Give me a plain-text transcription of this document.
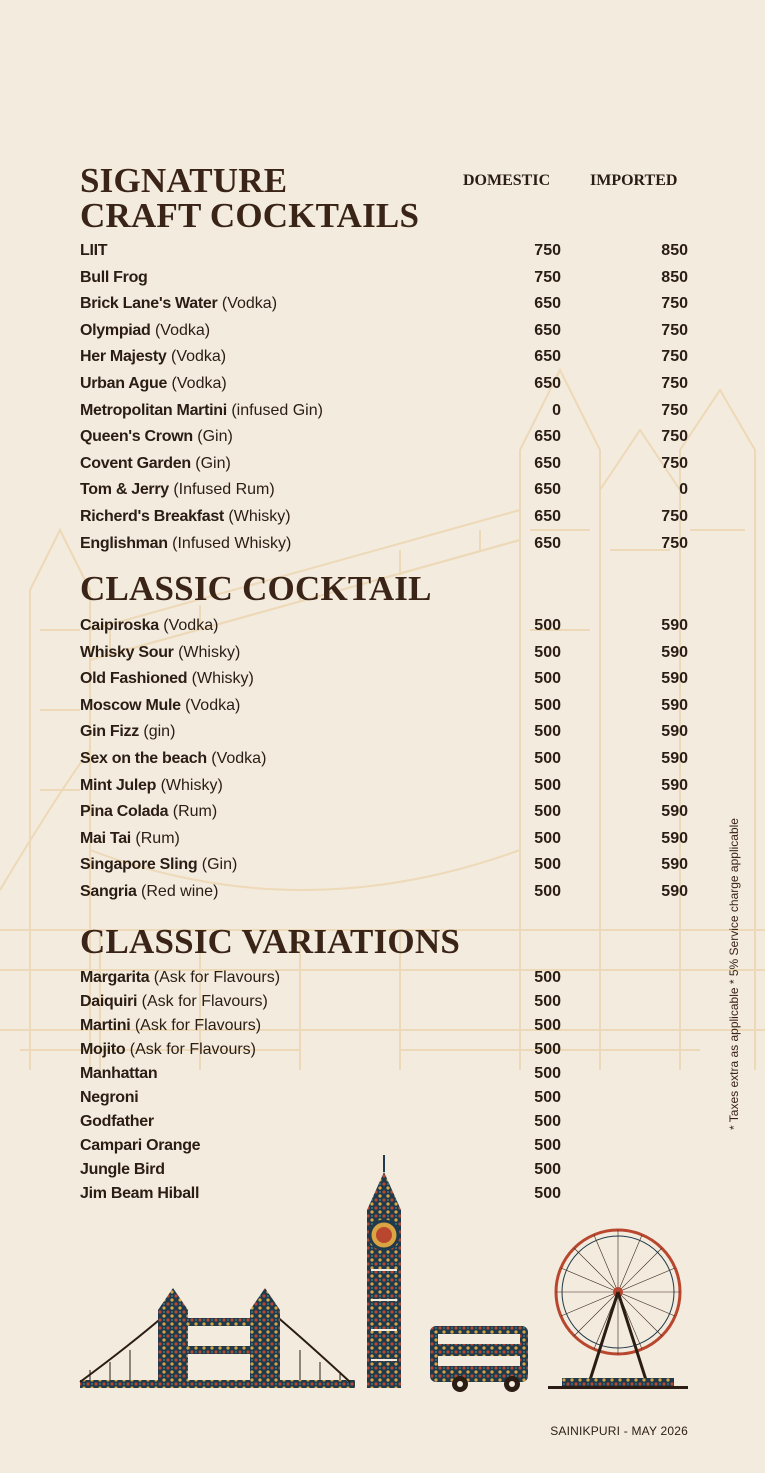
SIGNATURE
CRAFT COCKTAILS
DOMESTIC IMPORTED
LIIT	750	850
Bull Frog	750	850
Brick Lane's Water (Vodka)	650	750
Olympiad (Vodka)	650	750
Her Majesty (Vodka)	650	750
Urban Ague (Vodka)	650	750
Metropolitan Martini (infused Gin)	0	750
Queen's Crown (Gin)	650	750
Covent Garden (Gin)	650	750
Tom & Jerry (Infused Rum)	650	0
Richerd's Breakfast (Whisky)	650	750
Englishman (Infused Whisky)	650	750
CLASSIC COCKTAIL
Caipiroska (Vodka)	500	590
Whisky Sour (Whisky)	500	590
Old Fashioned (Whisky)	500	590
Moscow Mule (Vodka)	500	590
Gin Fizz (gin)	500	590
Sex on the beach (Vodka)	500	590
Mint Julep (Whisky)	500	590
Pina Colada (Rum)	500	590
Mai Tai (Rum)	500	590
Singapore Sling (Gin)	500	590
Sangria (Red wine)	500	590
CLASSIC VARIATIONS
Margarita (Ask for Flavours)	500
Daiquiri (Ask for Flavours)	500
Martini (Ask for Flavours)	500
Mojito (Ask for Flavours)	500
Manhattan	500
Negroni	500
Godfather	500
Campari Orange	500
Jungle Bird	500
Jim Beam Hiball	500
* Taxes extra as applicable * 5% Service charge applicable
SAINIKPURI - MAY 2026
